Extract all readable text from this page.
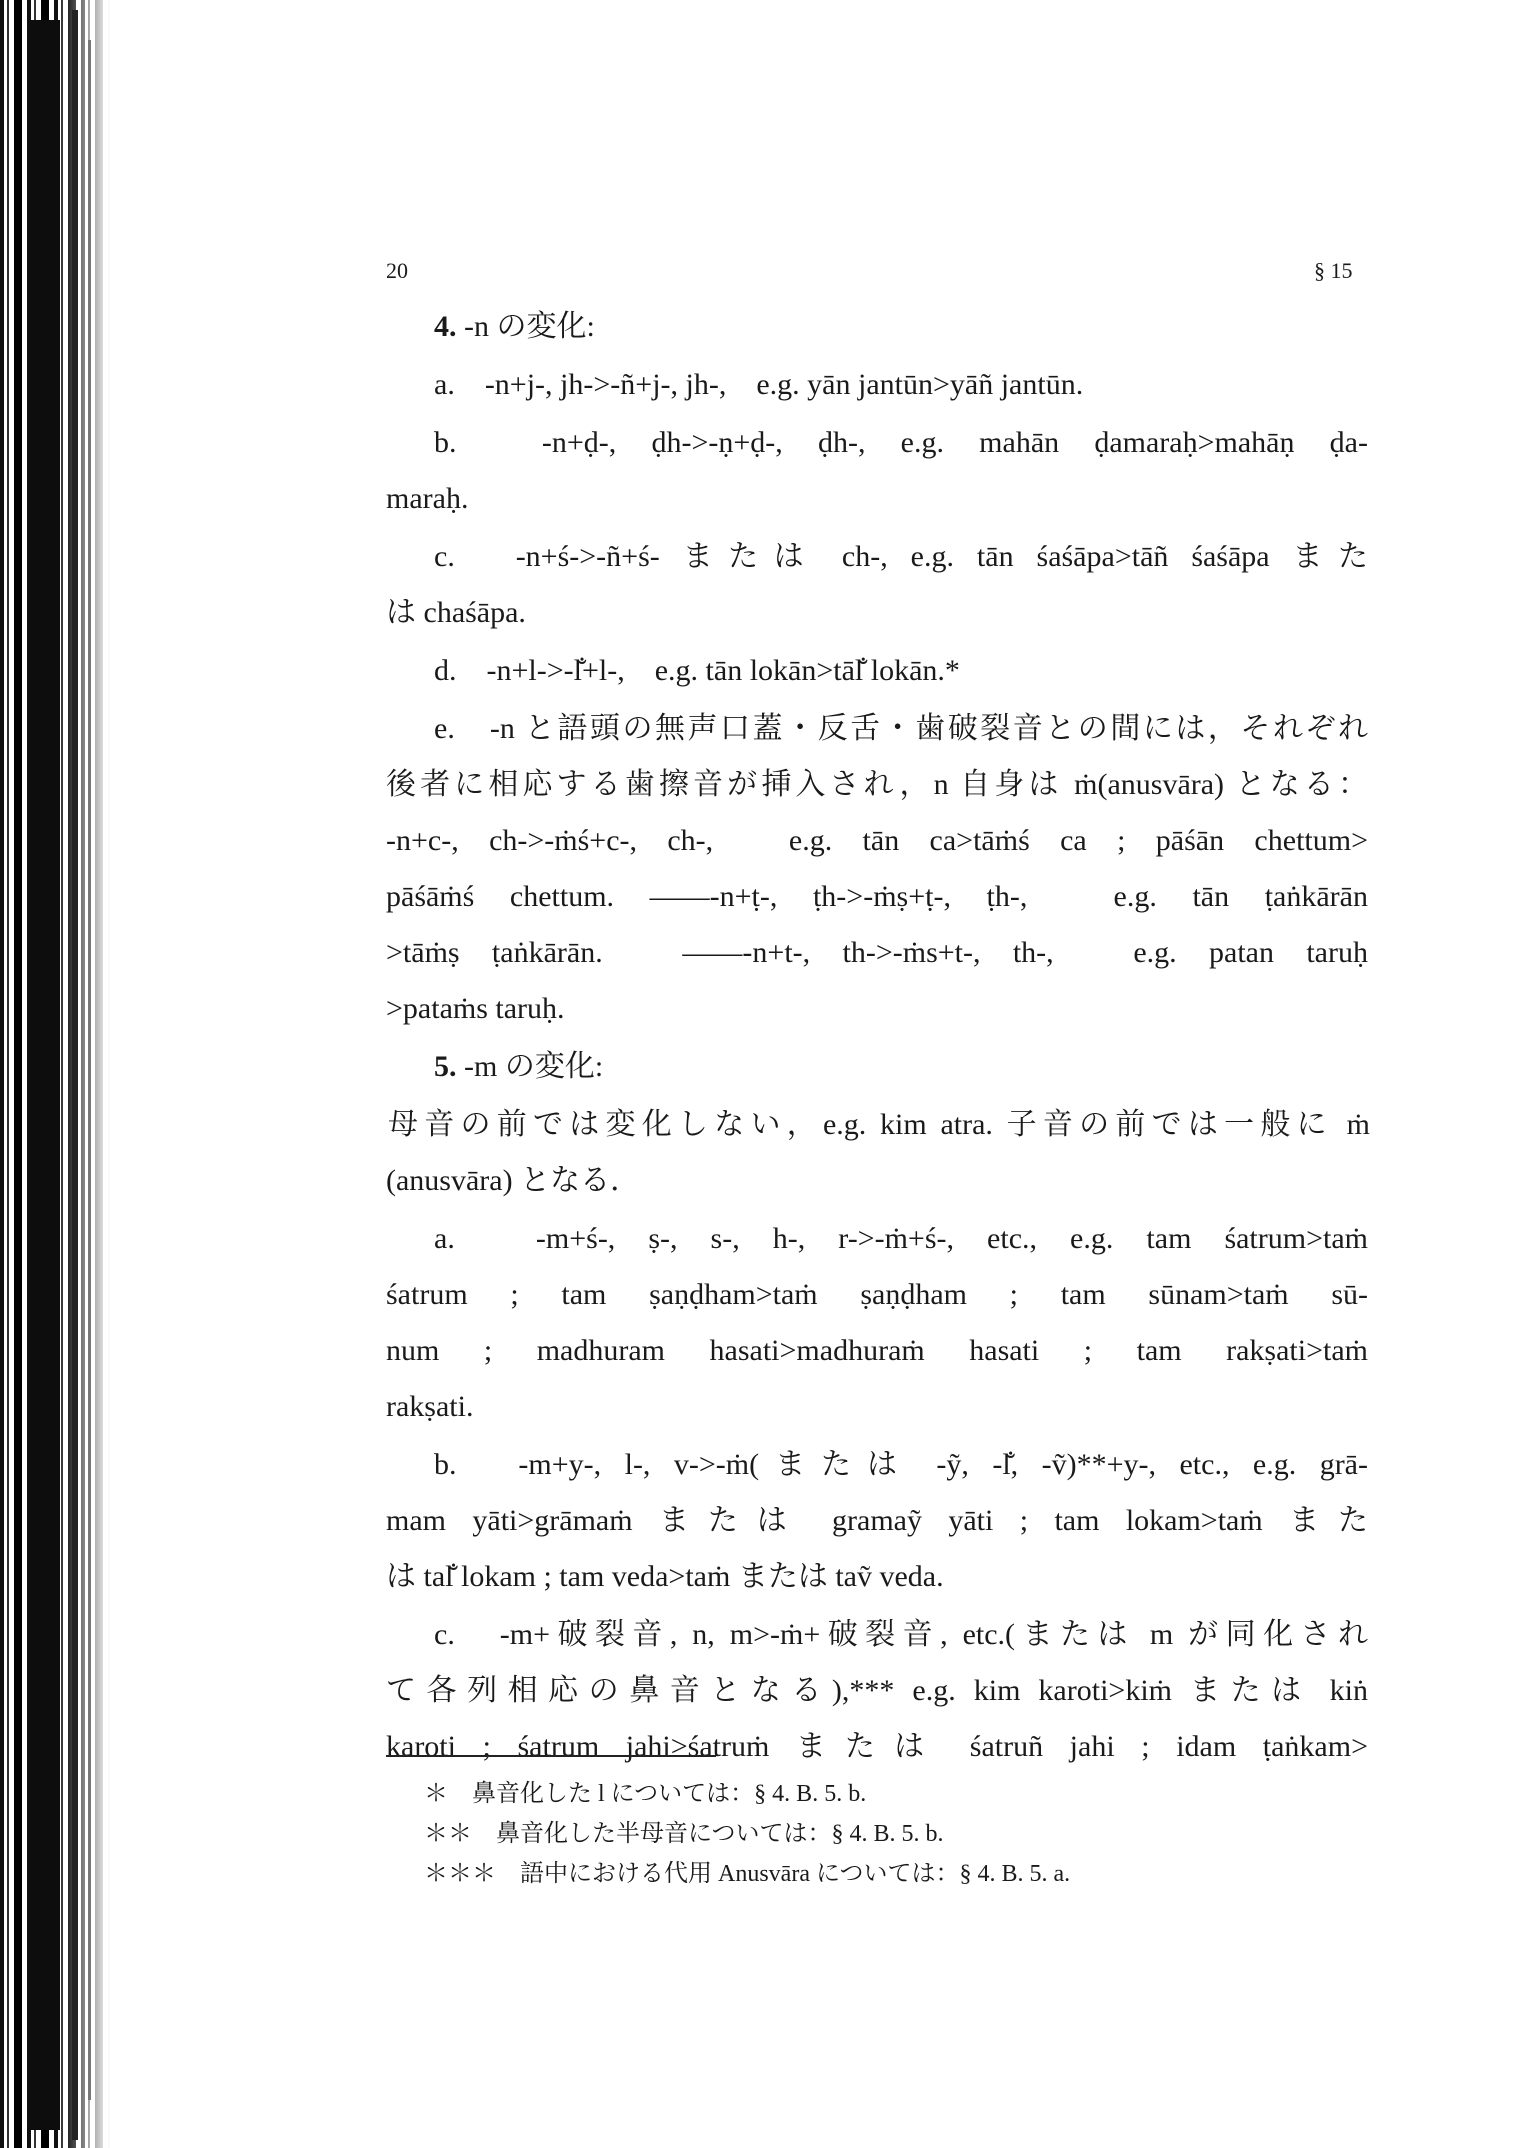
20	§ 15
4. -n の変化:
a.　-n+j-, jh->-ñ+j-, jh-,　e.g. yān jantūn>yāñ jantūn.
b.　-n+ḍ-, ḍh->-ṇ+ḍ-, ḍh-, e.g. mahān ḍamaraḥ>mahāṇ ḍa-
maraḥ.
c.　-n+ś->-ñ+ś- または ch-, e.g. tān śaśāpa>tāñ śaśāpa また
は chaśāpa.
d.　-n+l->-l̐+l-,　e.g. tān lokān>tāl̐ lokān.*
e.　-n と語頭の無声口蓋・反舌・歯破裂音との間には，それぞれ
後者に相応する歯擦音が挿入され，n 自身は ṁ(anusvāra) となる：
-n+c-, ch->-ṁś+c-, ch-,　e.g. tān ca>tāṁś ca ; pāśān chettum>
pāśāṁś chettum. ——-n+ṭ-, ṭh->-ṁṣ+ṭ-, ṭh-,　e.g. tān ṭaṅkārān
>tāṁṣ ṭaṅkārān.　——-n+t-, th->-ṁs+t-, th-,　e.g. patan taruḥ
>pataṁs taruḥ.
5. -m の変化:
母音の前では変化しない，e.g. kim atra. 子音の前では一般に ṁ
(anusvāra) となる．
a.　-m+ś-, ṣ-, s-, h-, r->-ṁ+ś-, etc., e.g. tam śatrum>taṁ
śatrum ; tam ṣaṇḍham>taṁ ṣaṇḍham ; tam sūnam>taṁ sū-
num ; madhuram hasati>madhuraṁ hasati ; tam rakṣati>taṁ
rakṣati.
b.　-m+y-, l-, v->-ṁ(または -ỹ, -l̐, -ṽ)**+y-, etc., e.g. grā-
mam yāti>grāmaṁ または gramaỹ yāti ; tam lokam>taṁ また
は tal̐ lokam ; tam veda>taṁ または taṽ veda.
c.　-m+破裂音, n, m>-ṁ+破裂音, etc.(または m が同化され
て各列相応の鼻音となる),*** e.g. kim karoti>kiṁ または kiṅ
karoti ; śatrum jahi>śatruṁ または śatruñ jahi ; idam ṭaṅkam>
＊　鼻音化した l については：§ 4. B. 5. b.
＊＊　鼻音化した半母音については：§ 4. B. 5. b.
＊＊＊　語中における代用 Anusvāra については：§ 4. B. 5. a.
